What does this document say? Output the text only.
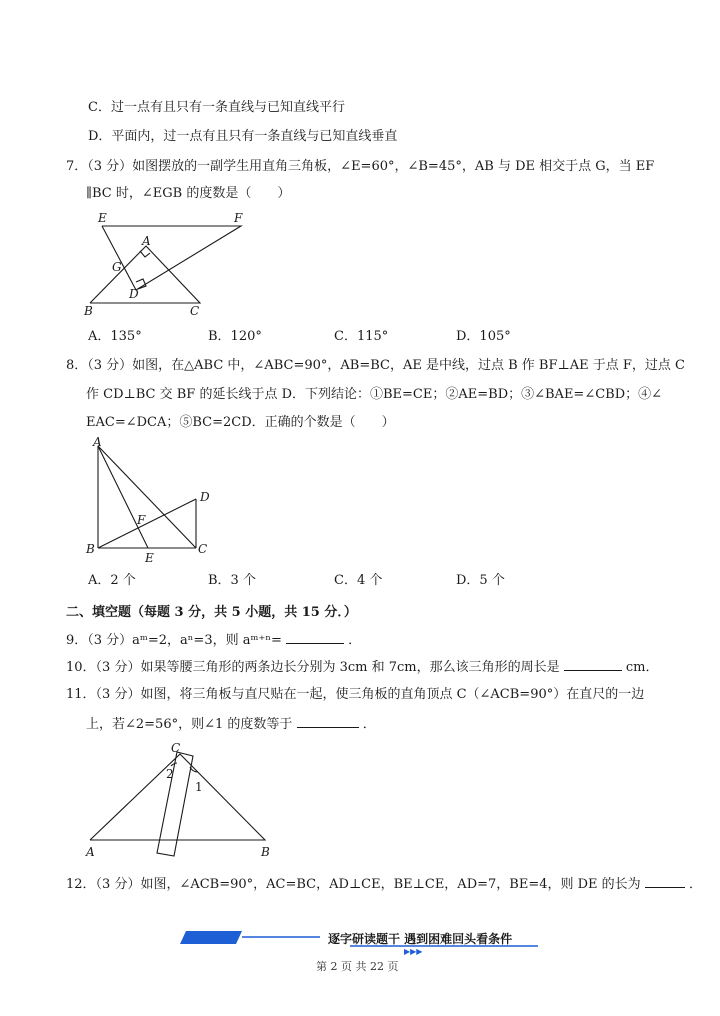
C．过一点有且只有一条直线与已知直线平行
D．平面内，过一点有且只有一条直线与已知直线垂直
7．（3 分）如图摆放的一副学生用直角三角板，∠E=60°，∠B=45°，AB 与 DE 相交于点 G，当 EF
∥BC 时，∠EGB 的度数是（　　）
E	F
A
G
D
B	C
A．135°	B．120°	C．115°	D．105°
8．（3 分）如图，在△ABC 中，∠ABC=90°，AB=BC，AE 是中线，过点 B 作 BF⊥AE 于点 F，过点 C
作 CD⊥BC 交 BF 的延长线于点 D．下列结论：①BE=CE；②AE=BD；③∠BAE=∠CBD；④∠
EAC=∠DCA；⑤BC=2CD．正确的个数是（　　）
A
D
F
B
E
C
A．2 个	B．3 个	C．4 个	D．5 个
二、填空题（每题 3 分，共 5 小题，共 15 分．）
9．（3 分）aᵐ=2，aⁿ=3，则 aᵐ⁺ⁿ=	．
10．（3 分）如果等腰三角形的两条边长分别为 3cm 和 7cm，那么该三角形的周长是	cm．
11．（3 分）如图，将三角板与直尺贴在一起，使三角板的直角顶点 C（∠ACB=90°）在直尺的一边
上，若∠2=56°，则∠1 的度数等于	．
C
2
1
A	B
12．（3 分）如图，∠ACB=90°，AC=BC，AD⊥CE，BE⊥CE，AD=7，BE=4，则 DE 的长为	．
▶▶▶
逐字研读题干 遇到困难回头看条件
第 2 页 共 22 页
